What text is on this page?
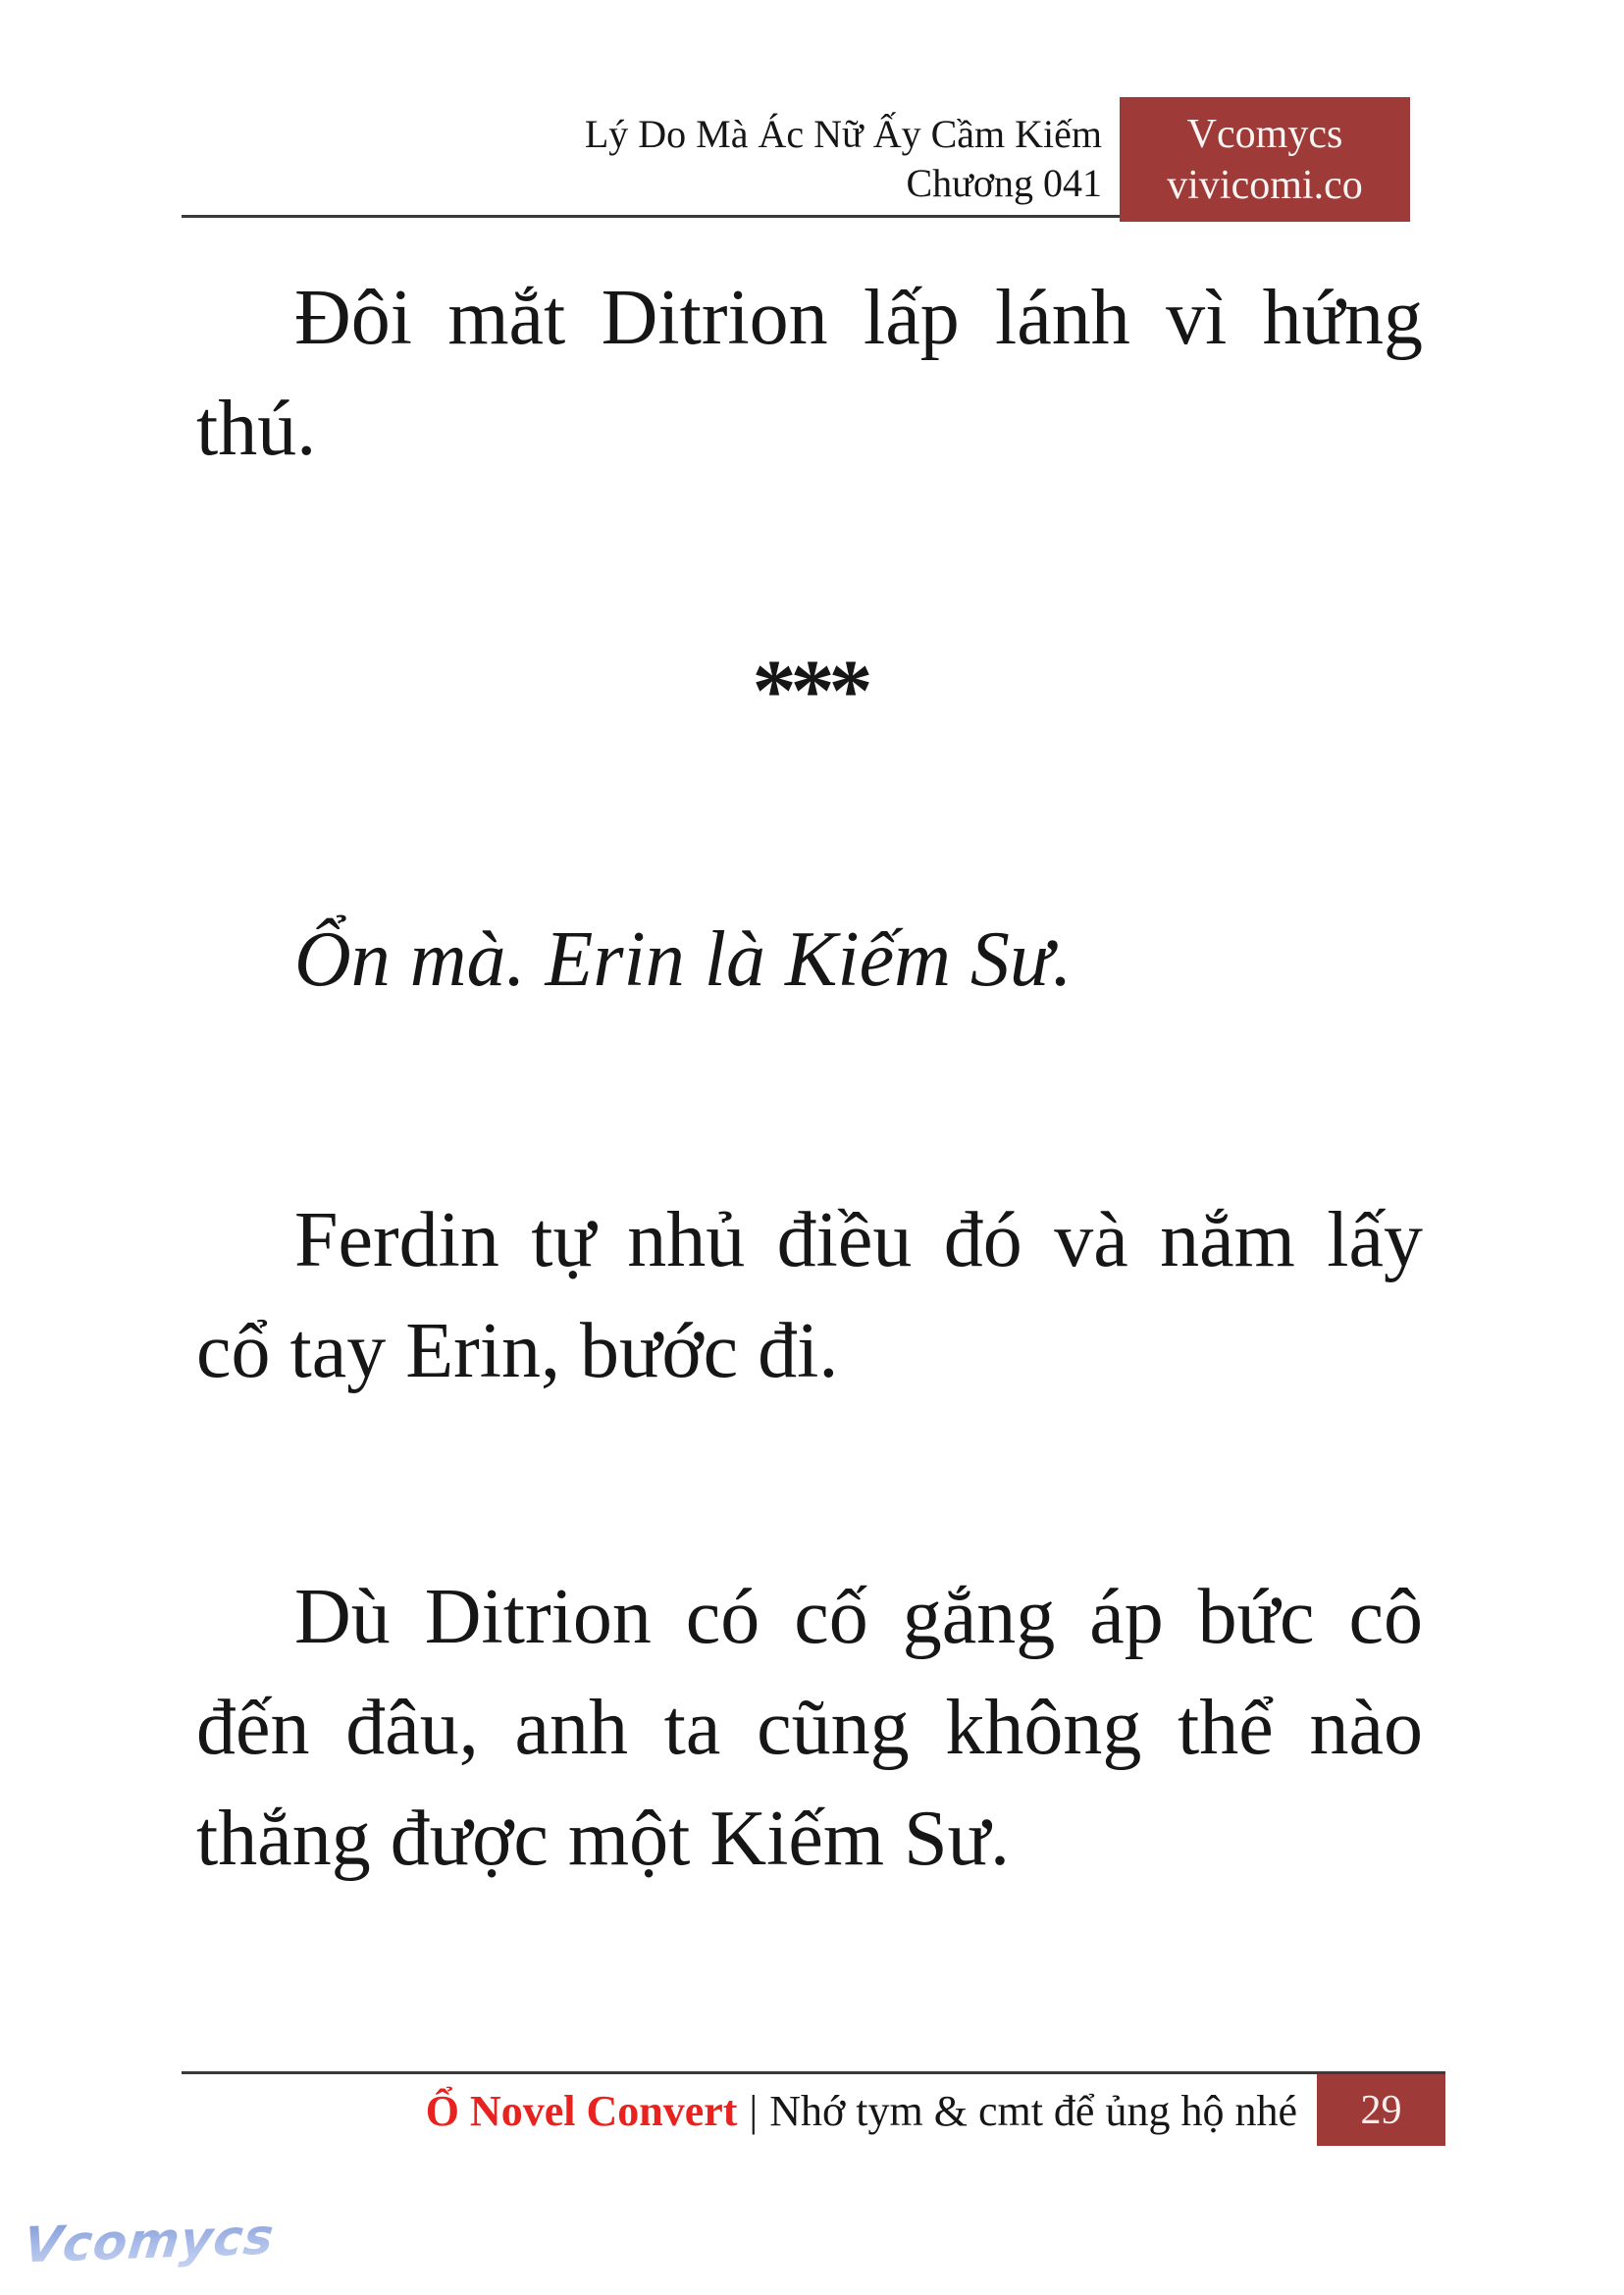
Lý Do Mà Ác Nữ Ấy Cầm Kiếm
Chương 041
Vcomycs
vivicomi.co

Đôi mắt Ditrion lấp lánh vì hứng thú.

***

Ổn mà. Erin là Kiếm Sư.

Ferdin tự nhủ điều đó và nắm lấy cổ tay Erin, bước đi.

Dù Ditrion có cố gắng áp bức cô đến đâu, anh ta cũng không thể nào thắng được một Kiếm Sư.

Ổ Novel Convert | Nhớ tym & cmt để ủng hộ nhé 29
Vcomycs
